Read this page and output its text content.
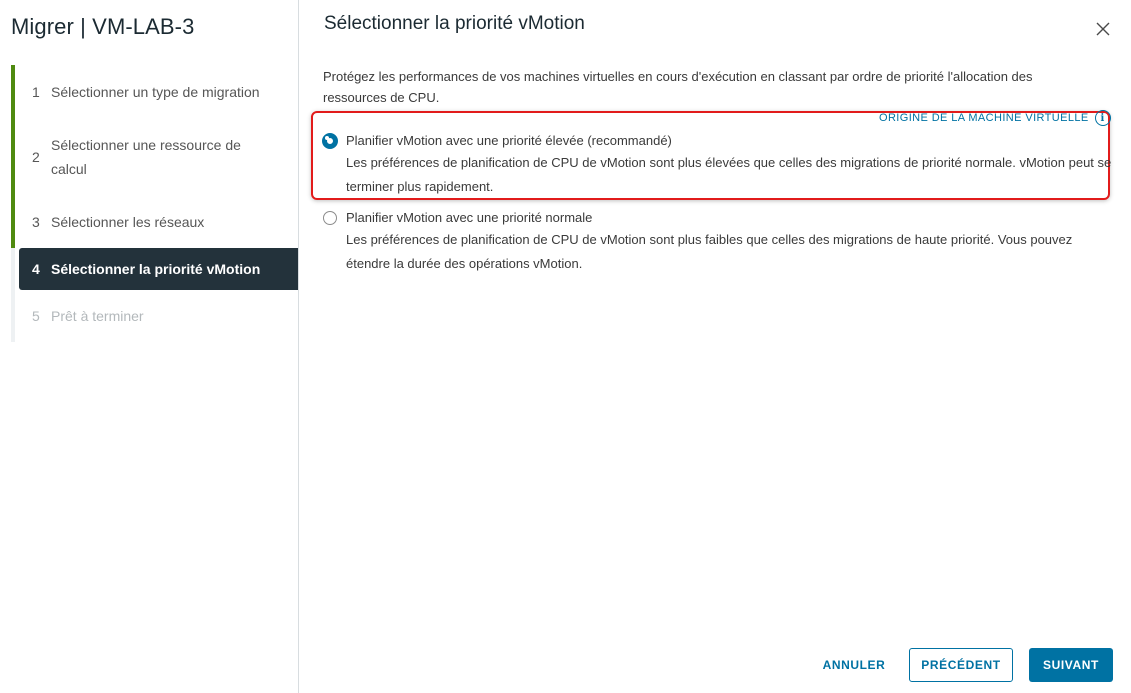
Migrer | VM-LAB-3
1 Sélectionner un type de migration
2
Sélectionner une ressource de calcul
3 Sélectionner les réseaux
4 Sélectionner la priorité vMotion
5 Prêt à terminer
Sélectionner la priorité vMotion
Protégez les performances de vos machines virtuelles en cours d'exécution en classant par ordre de priorité l'allocation des ressources de CPU.
ORIGINE DE LA MACHINE VIRTUELLE	i
Planifier vMotion avec une priorité élevée (recommandé)
Les préférences de planification de CPU de vMotion sont plus élevées que celles des migrations de priorité normale. vMotion peut se terminer plus rapidement.
Planifier vMotion avec une priorité normale
Les préférences de planification de CPU de vMotion sont plus faibles que celles des migrations de haute priorité. Vous pouvez étendre la durée des opérations vMotion.
ANNULER	PRÉCÉDENT	SUIVANT
